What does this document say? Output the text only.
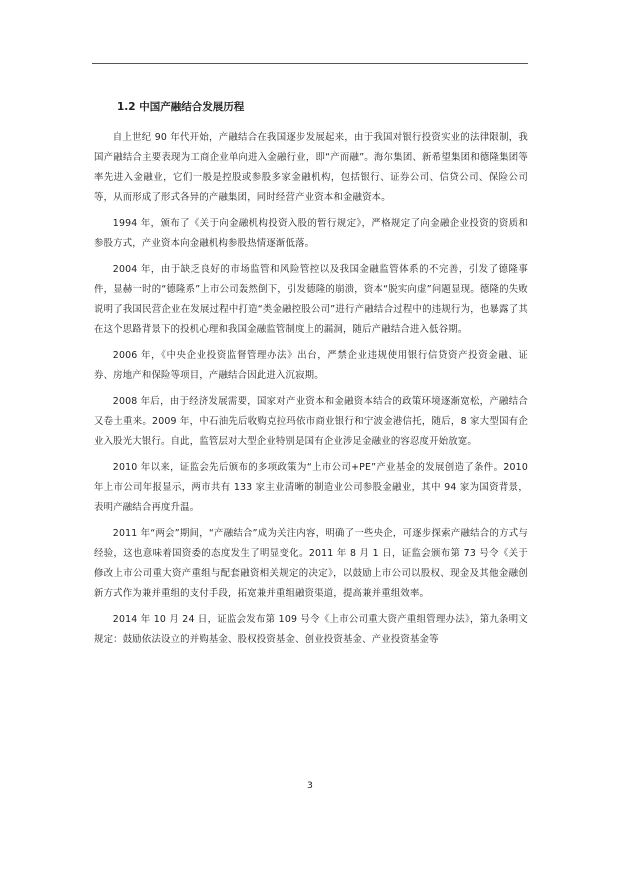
1.2 中国产融结合发展历程

自上世纪 90 年代开始，产融结合在我国逐步发展起来，由于我国对银行投资实业的法律限制，我国产融结合主要表现为工商企业单向进入金融行业，即“产而融”。海尔集团、新希望集团和德隆集团等率先进入金融业，它们一般是控股或参股多家金融机构，包括银行、证券公司、信贷公司、保险公司等，从而形成了形式各异的产融集团，同时经营产业资本和金融资本。

1994 年，颁布了《关于向金融机构投资入股的暂行规定》，严格规定了向金融企业投资的资质和参股方式，产业资本向金融机构参股热情逐渐低落。

2004 年，由于缺乏良好的市场监管和风险管控以及我国金融监管体系的不完善，引发了德隆事件，显赫一时的“德隆系”上市公司轰然倒下，引发德隆的崩溃，资本“脱实向虚”问题显现。德隆的失败说明了我国民营企业在发展过程中打造“类金融控股公司”进行产融结合过程中的违规行为，也暴露了其在这个思路背景下的投机心理和我国金融监管制度上的漏洞，随后产融结合进入低谷期。

2006 年，《中央企业投资监督管理办法》出台，严禁企业违规使用银行信贷资产投资金融、证券、房地产和保险等项目，产融结合因此进入沉寂期。

2008 年后，由于经济发展需要，国家对产业资本和金融资本结合的政策环境逐渐宽松，产融结合又卷土重来。2009 年，中石油先后收购克拉玛依市商业银行和宁波金港信托，随后，8 家大型国有企业入股光大银行。自此，监管层对大型企业特别是国有企业涉足金融业的容忍度开始放宽。

2010 年以来，证监会先后颁布的多项政策为“上市公司+PE”产业基金的发展创造了条件。2010 年上市公司年报显示，两市共有 133 家主业清晰的制造业公司参股金融业，其中 94 家为国资背景，表明产融结合再度升温。

2011 年“两会”期间，“产融结合”成为关注内容，明确了一些央企，可逐步探索产融结合的方式与经验，这也意味着国资委的态度发生了明显变化。2011 年 8 月 1 日，证监会颁布第 73 号令《关于修改上市公司重大资产重组与配套融资相关规定的决定》，以鼓励上市公司以股权、现金及其他金融创新方式作为兼并重组的支付手段，拓宽兼并重组融资渠道，提高兼并重组效率。

2014 年 10 月 24 日，证监会发布第 109 号令《上市公司重大资产重组管理办法》，第九条明文规定：鼓励依法设立的并购基金、股权投资基金、创业投资基金、产业投资基金等

3
